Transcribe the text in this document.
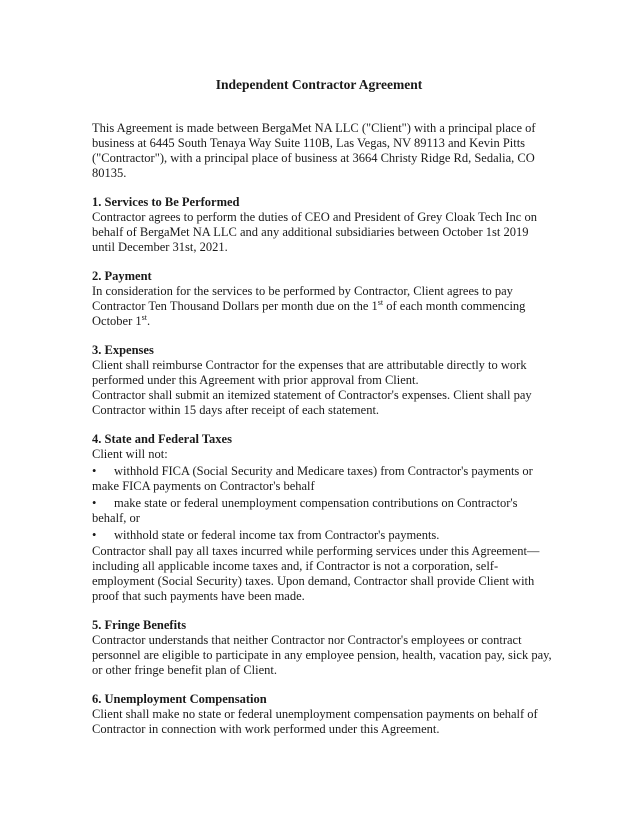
Independent Contractor Agreement

This Agreement is made between BergaMet NA LLC ("Client") with a principal place of business at 6445 South Tenaya Way Suite 110B, Las Vegas, NV 89113 and Kevin Pitts ("Contractor"), with a principal place of business at 3664 Christy Ridge Rd, Sedalia, CO 80135.

1. Services to Be Performed

Contractor agrees to perform the duties of CEO and President of Grey Cloak Tech Inc on behalf of BergaMet NA LLC and any additional subsidiaries between October 1st 2019 until December 31st, 2021.

2. Payment

In consideration for the services to be performed by Contractor, Client agrees to pay Contractor Ten Thousand Dollars per month due on the 1st of each month commencing October 1st.

3. Expenses

Client shall reimburse Contractor for the expenses that are attributable directly to work performed under this Agreement with prior approval from Client.

Contractor shall submit an itemized statement of Contractor's expenses. Client shall pay Contractor within 15 days after receipt of each statement.

4. State and Federal Taxes

Client will not:

• withhold FICA (Social Security and Medicare taxes) from Contractor's payments or make FICA payments on Contractor's behalf
• make state or federal unemployment compensation contributions on Contractor's behalf, or
• withhold state or federal income tax from Contractor's payments.

Contractor shall pay all taxes incurred while performing services under this Agreement—including all applicable income taxes and, if Contractor is not a corporation, self-employment (Social Security) taxes. Upon demand, Contractor shall provide Client with proof that such payments have been made.

5. Fringe Benefits

Contractor understands that neither Contractor nor Contractor's employees or contract personnel are eligible to participate in any employee pension, health, vacation pay, sick pay, or other fringe benefit plan of Client.

6. Unemployment Compensation

Client shall make no state or federal unemployment compensation payments on behalf of Contractor in connection with work performed under this Agreement.
